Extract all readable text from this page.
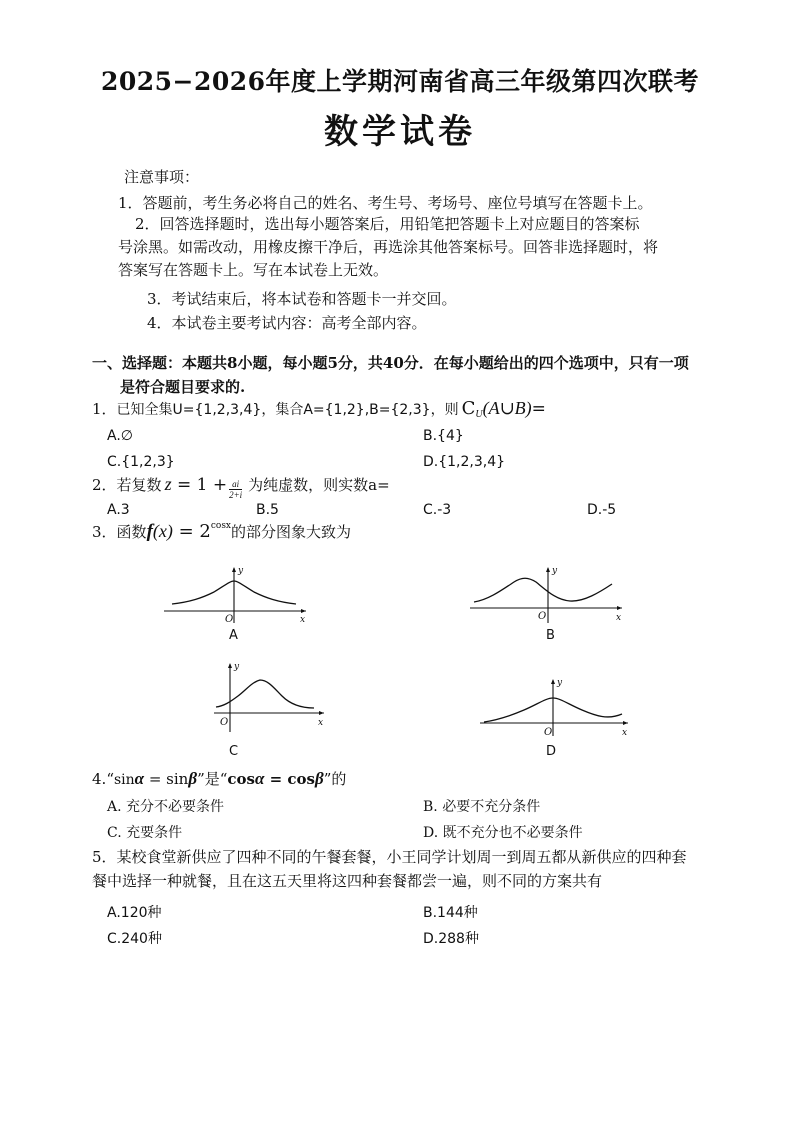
2025−2026年度上学期河南省高三年级第四次联考
数学试卷
注意事项：
1．答题前，考生务必将自己的姓名、考生号、考场号、座位号填写在答题卡上。
2．回答选择题时，选出每小题答案后，用铅笔把答题卡上对应题目的答案标
号涂黑。如需改动，用橡皮擦干净后，再选涂其他答案标号。回答非选择题时，将
答案写在答题卡上。写在本试卷上无效。
3．考试结束后，将本试卷和答题卡一并交回。
4．本试卷主要考试内容：高考全部内容。
一、选择题：本题共8小题，每小题5分，共40分．在每小题给出的四个选项中，只有一项
是符合题目要求的.
1．已知全集U={1,2,3,4}，集合A={1,2},B={2,3}，则 $C_U(A\cup B)=$
A.∅	B.{4}
C.{1,2,3}	D.{1,2,3,4}
2．若复数 $z = 1 + \frac{ai}{2+i}$ 为纯虚数，则实数a=
A.3	B.5	C.-3	D.-5
3．函数$f(x) = 2^{cosx}$的部分图象大致为
y
x
O
A
y
x
O
B
y
x
O
C
y
x
O
D
4.“sinα = sinβ”是“cosα = cosβ”的
A. 充分不必要条件	B. 必要不充分条件
C. 充要条件	D. 既不充分也不必要条件
5．某校食堂新供应了四种不同的午餐套餐，小王同学计划周一到周五都从新供应的四种套
餐中选择一种就餐，且在这五天里将这四种套餐都尝一遍，则不同的方案共有
A.120种	B.144种
C.240种	D.288种
